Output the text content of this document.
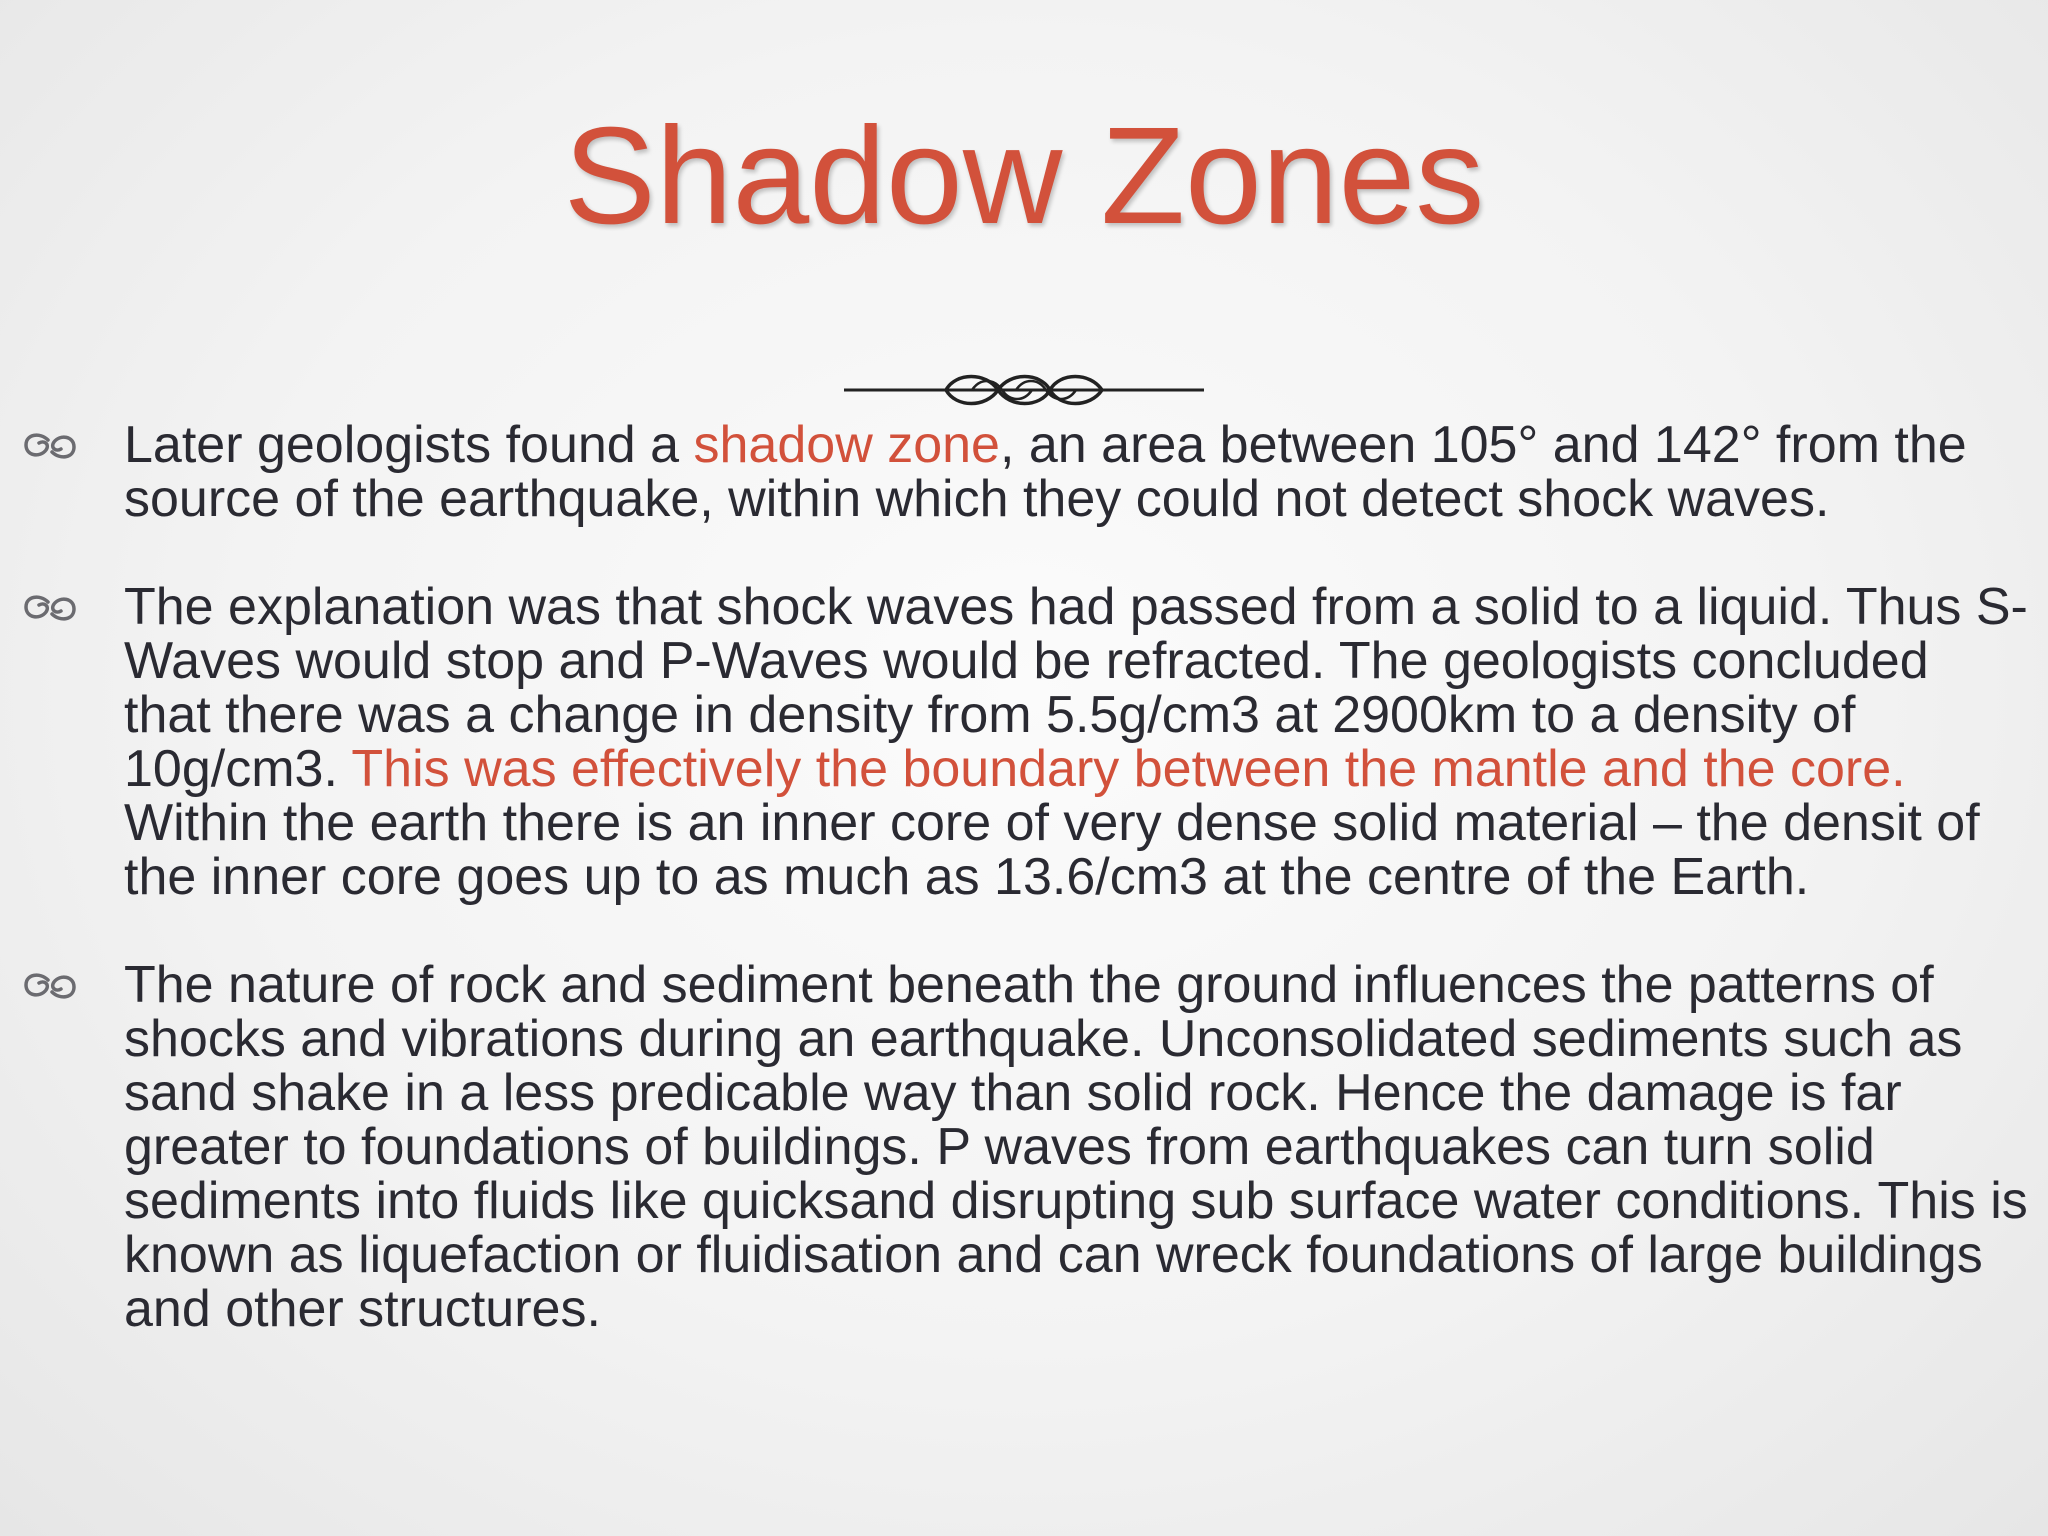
Shadow Zones
Later geologists found a shadow zone, an area between 105° and 142° from the source of the earthquake, within which they could not detect shock waves.
The explanation was that shock waves had passed from a solid to a liquid. Thus S-Waves would stop and P-Waves would be refracted. The geologists concluded that there was a change in density from 5.5g/cm3 at 2900km to a density of 10g/cm3. This was effectively the boundary between the mantle and the core. Within the earth there is an inner core of very dense solid material – the densit of the inner core goes up to as much as 13.6/cm3 at the centre of the Earth.
The nature of rock and sediment beneath the ground influences the patterns of shocks and vibrations during an earthquake. Unconsolidated sediments such as sand shake in a less predicable way than solid rock. Hence the damage is far greater to foundations of buildings. P waves from earthquakes can turn solid sediments into fluids like quicksand disrupting sub surface water conditions. This is known as liquefaction or fluidisation and can wreck foundations of large buildings and other structures.
